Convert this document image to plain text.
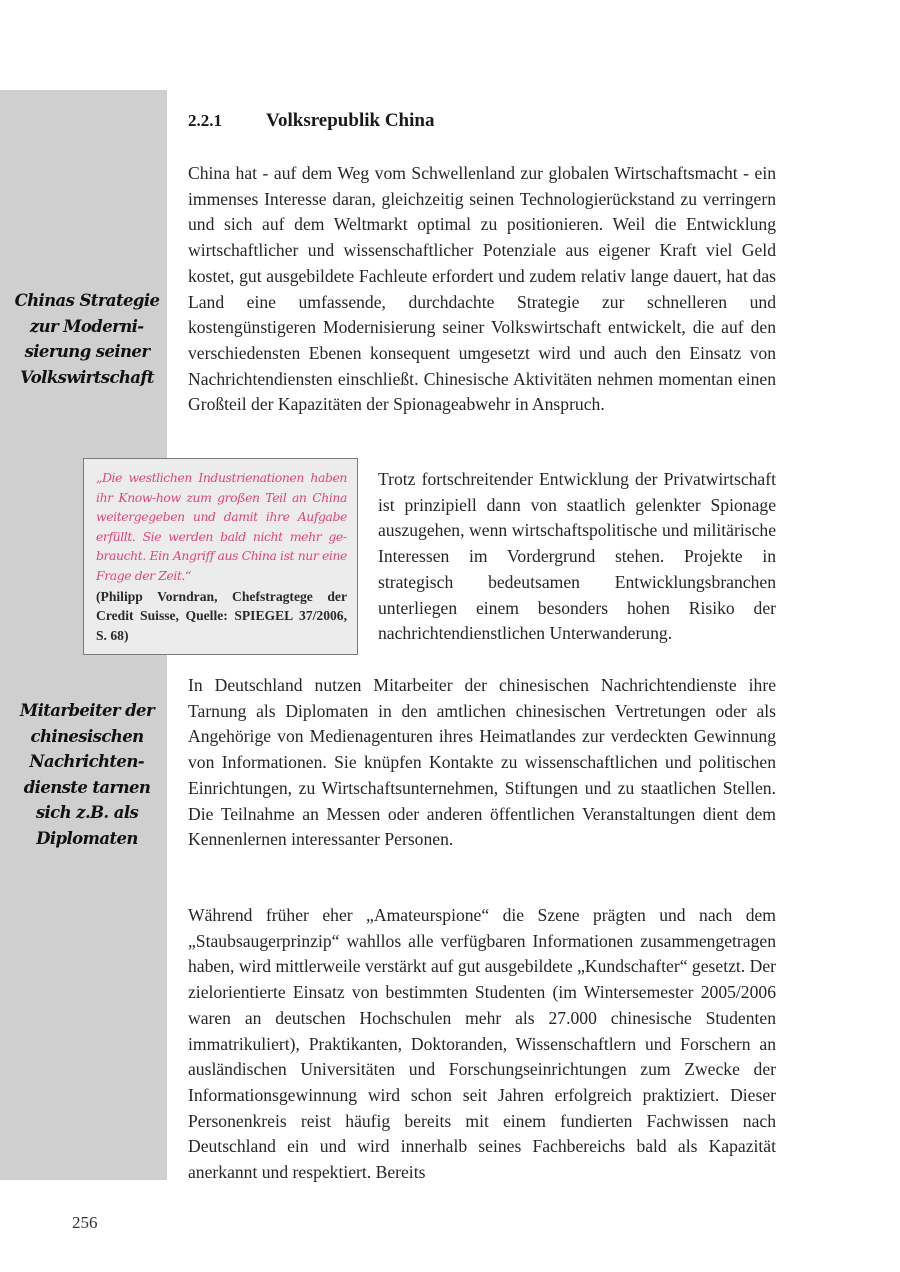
2.2.1 Volksrepublik China

China hat - auf dem Weg vom Schwellenland zur globalen Wirtschaftsmacht - ein immenses Interesse daran, gleichzeitig seinen Technologierückstand zu verringern und sich auf dem Weltmarkt optimal zu positionieren. Weil die Entwicklung wirtschaftlicher und wissenschaftlicher Potenziale aus eigener Kraft viel Geld kostet, gut ausgebildete Fachleute erfordert und zudem relativ lange dauert, hat das Land eine umfassende, durchdachte Strategie zur schnelleren und kostengünstigeren Modernisierung seiner Volkswirtschaft entwickelt, die auf den verschiedensten Ebenen konsequent umgesetzt wird und auch den Einsatz von Nachrichtendiensten einschließt. Chinesische Aktivitäten nehmen momentan einen Großteil der Kapazitäten der Spionageabwehr in Anspruch.

Chinas Strategie zur Modernisierung seiner Volkswirtschaft

„Die westlichen Industrienationen haben ihr Know-how zum großen Teil an China weitergegeben und damit ihre Aufgabe erfüllt. Sie werden bald nicht mehr gebraucht. Ein Angriff aus China ist nur eine Frage der Zeit.“

(Philipp Vorndran, Chefstragtege der Credit Suisse, Quelle: SPIEGEL 37/2006, S. 68)

Trotz fortschreitender Entwicklung der Privatwirtschaft ist prinzipiell dann von staatlich gelenkter Spionage auszugehen, wenn wirtschaftspolitische und militärische Interessen im Vordergrund stehen. Projekte in strategisch bedeutsamen Entwicklungsbranchen unterliegen einem besonders hohen Risiko der nachrichtendienstlichen Unterwanderung.

In Deutschland nutzen Mitarbeiter der chinesischen Nachrichtendienste ihre Tarnung als Diplomaten in den amtlichen chinesischen Vertretungen oder als Angehörige von Medienagenturen ihres Heimatlandes zur verdeckten Gewinnung von Informationen. Sie knüpfen Kontakte zu wissenschaftlichen und politischen Einrichtungen, zu Wirtschaftsunternehmen, Stiftungen und zu staatlichen Stellen. Die Teilnahme an Messen oder anderen öffentlichen Veranstaltungen dient dem Kennenlernen interessanter Personen.

Mitarbeiter der chinesischen Nachrichtendienste tarnen sich z.B. als Diplomaten

Während früher eher „Amateurspione“ die Szene prägten und nach dem „Staubsaugerprinzip“ wahllos alle verfügbaren Informationen zusammengetragen haben, wird mittlerweile verstärkt auf gut ausgebildete „Kundschafter“ gesetzt. Der zielorientierte Einsatz von bestimmten Studenten (im Wintersemester 2005/2006 waren an deutschen Hochschulen mehr als 27.000 chinesische Studenten immatrikuliert), Praktikanten, Doktoranden, Wissenschaftlern und Forschern an ausländischen Universitäten und Forschungseinrichtungen zum Zwecke der Informationsgewinnung wird schon seit Jahren erfolgreich praktiziert. Dieser Personenkreis reist häufig bereits mit einem fundierten Fachwissen nach Deutschland ein und wird innerhalb seines Fachbereichs bald als Kapazität anerkannt und respektiert. Bereits

256
